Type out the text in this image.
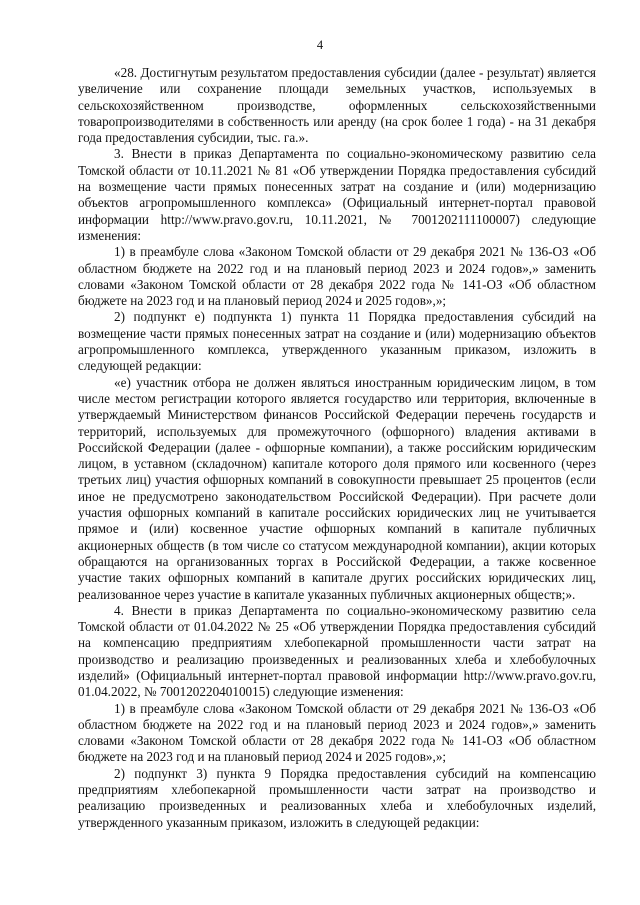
4

«28. Достигнутым результатом предоставления субсидии (далее - результат) является увеличение или сохранение площади земельных участков, используемых в сельскохозяйственном производстве, оформленных сельскохозяйственными товаропроизводителями в собственность или аренду (на срок более 1 года) - на 31 декабря года предоставления субсидии, тыс. га.».

3. Внести в приказ Департамента по социально-экономическому развитию села Томской области от 10.11.2021 № 81 «Об утверждении Порядка предоставления субсидий на возмещение части прямых понесенных затрат на создание и (или) модернизацию объектов агропромышленного комплекса» (Официальный интернет-портал правовой информации http://www.pravo.gov.ru, 10.11.2021, № 7001202111100007) следующие изменения:

1) в преамбуле слова «Законом Томской области от 29 декабря 2021 № 136-ОЗ «Об областном бюджете на 2022 год и на плановый период 2023 и 2024 годов»,» заменить словами «Законом Томской области от 28 декабря 2022 года № 141-ОЗ «Об областном бюджете на 2023 год и на плановый период 2024 и 2025 годов»,»;

2) подпункт е) подпункта 1) пункта 11 Порядка предоставления субсидий на возмещение части прямых понесенных затрат на создание и (или) модернизацию объектов агропромышленного комплекса, утвержденного указанным приказом, изложить в следующей редакции:

«е) участник отбора не должен являться иностранным юридическим лицом, в том числе местом регистрации которого является государство или территория, включенные в утверждаемый Министерством финансов Российской Федерации перечень государств и территорий, используемых для промежуточного (офшорного) владения активами в Российской Федерации (далее - офшорные компании), а также российским юридическим лицом, в уставном (складочном) капитале которого доля прямого или косвенного (через третьих лиц) участия офшорных компаний в совокупности превышает 25 процентов (если иное не предусмотрено законодательством Российской Федерации). При расчете доли участия офшорных компаний в капитале российских юридических лиц не учитывается прямое и (или) косвенное участие офшорных компаний в капитале публичных акционерных обществ (в том числе со статусом международной компании), акции которых обращаются на организованных торгах в Российской Федерации, а также косвенное участие таких офшорных компаний в капитале других российских юридических лиц, реализованное через участие в капитале указанных публичных акционерных обществ;».

4. Внести в приказ Департамента по социально-экономическому развитию села Томской области от 01.04.2022 № 25 «Об утверждении Порядка предоставления субсидий на компенсацию предприятиям хлебопекарной промышленности части затрат на производство и реализацию произведенных и реализованных хлеба и хлебобулочных изделий» (Официальный интернет-портал правовой информации http://www.pravo.gov.ru, 01.04.2022, № 7001202204010015) следующие изменения:

1) в преамбуле слова «Законом Томской области от 29 декабря 2021 № 136-ОЗ «Об областном бюджете на 2022 год и на плановый период 2023 и 2024 годов»,» заменить словами «Законом Томской области от 28 декабря 2022 года № 141-ОЗ «Об областном бюджете на 2023 год и на плановый период 2024 и 2025 годов»,»;

2) подпункт 3) пункта 9 Порядка предоставления субсидий на компенсацию предприятиям хлебопекарной промышленности части затрат на производство и реализацию произведенных и реализованных хлеба и хлебобулочных изделий, утвержденного указанным приказом, изложить в следующей редакции:
